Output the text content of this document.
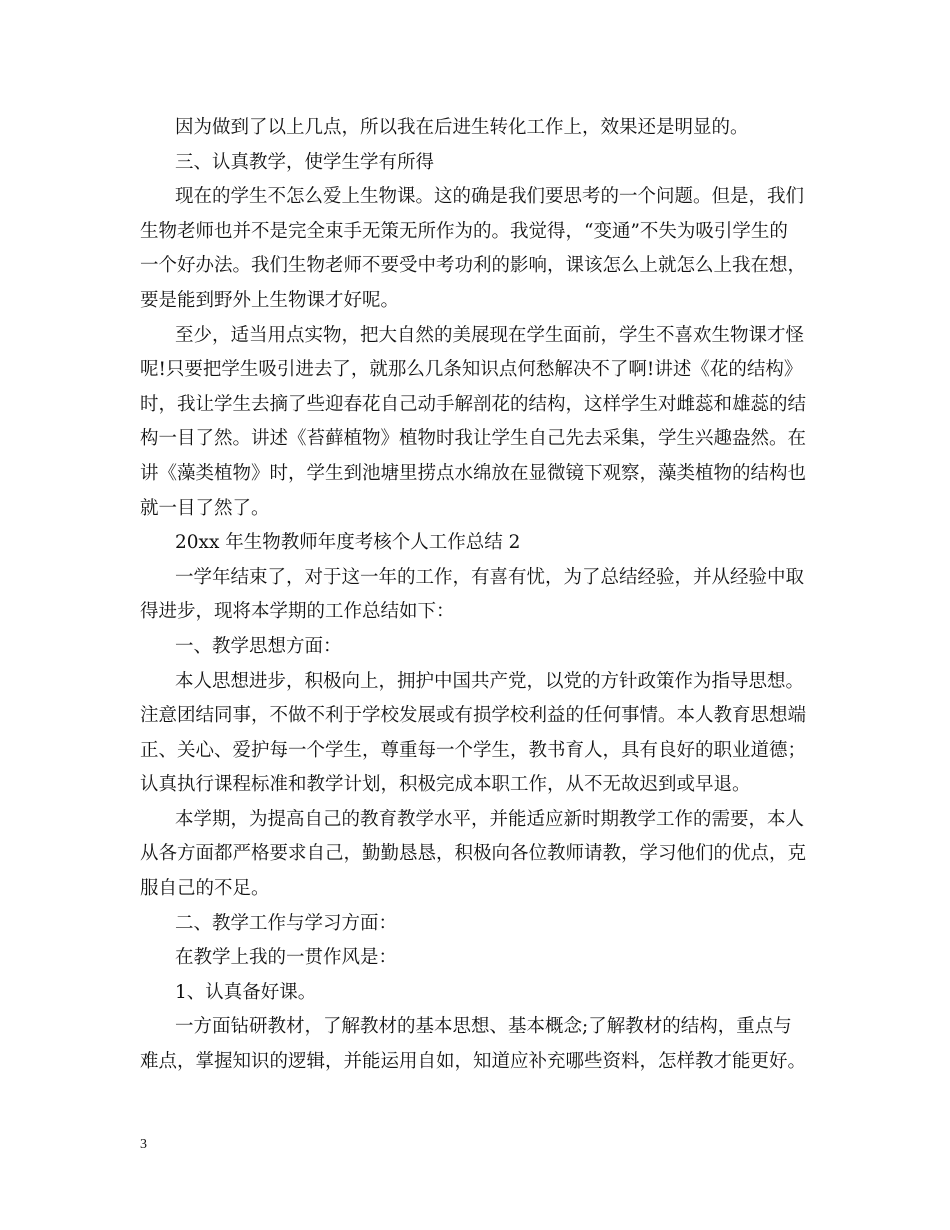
因为做到了以上几点，所以我在后进生转化工作上，效果还是明显的。
三、认真教学，使学生学有所得
现在的学生不怎么爱上生物课。这的确是我们要思考的一个问题。但是，我们
生物老师也并不是完全束手无策无所作为的。我觉得，“变通”不失为吸引学生的
一个好办法。我们生物老师不要受中考功利的影响，课该怎么上就怎么上我在想，
要是能到野外上生物课才好呢。
至少，适当用点实物，把大自然的美展现在学生面前，学生不喜欢生物课才怪
呢!只要把学生吸引进去了，就那么几条知识点何愁解决不了啊!讲述《花的结构》
时，我让学生去摘了些迎春花自己动手解剖花的结构，这样学生对雌蕊和雄蕊的结
构一目了然。讲述《苔藓植物》植物时我让学生自己先去采集，学生兴趣盎然。在
讲《藻类植物》时，学生到池塘里捞点水绵放在显微镜下观察，藻类植物的结构也
就一目了然了。
20xx 年生物教师年度考核个人工作总结 2
一学年结束了，对于这一年的工作，有喜有忧，为了总结经验，并从经验中取
得进步，现将本学期的工作总结如下：
一、教学思想方面：
本人思想进步，积极向上，拥护中国共产党，以党的方针政策作为指导思想。
注意团结同事，不做不利于学校发展或有损学校利益的任何事情。本人教育思想端
正、关心、爱护每一个学生，尊重每一个学生，教书育人，具有良好的职业道德；
认真执行课程标准和教学计划，积极完成本职工作，从不无故迟到或早退。
本学期，为提高自己的教育教学水平，并能适应新时期教学工作的需要，本人
从各方面都严格要求自己，勤勤恳恳，积极向各位教师请教，学习他们的优点，克
服自己的不足。
二、教学工作与学习方面：
在教学上我的一贯作风是：
1、认真备好课。
一方面钻研教材，了解教材的基本思想、基本概念;了解教材的结构，重点与
难点，掌握知识的逻辑，并能运用自如，知道应补充哪些资料，怎样教才能更好。
3
